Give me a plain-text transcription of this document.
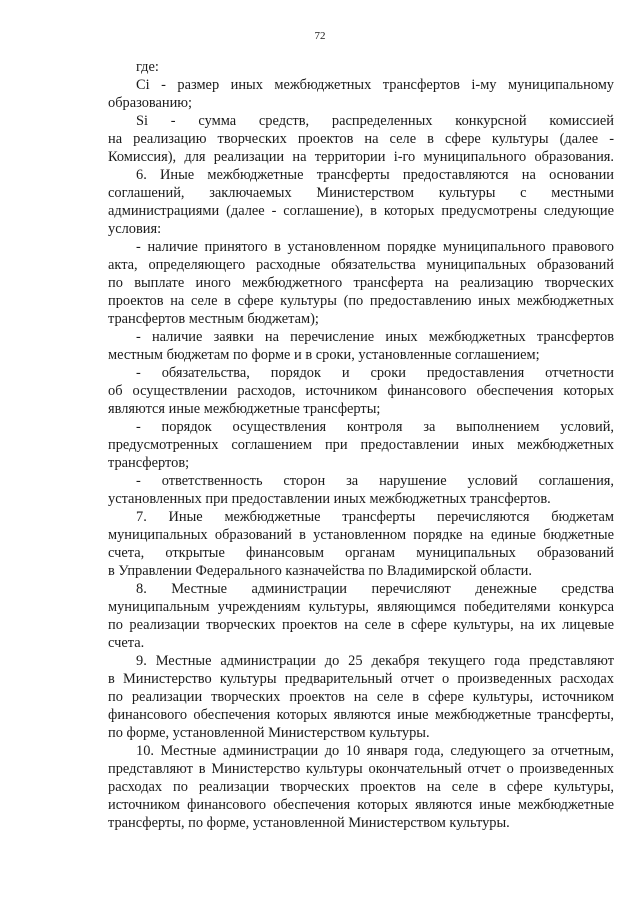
72
где:
Ci - размер иных межбюджетных трансфертов i-му муниципальному
образованию;
Si - сумма средств, распределенных конкурсной комиссией
на реализацию творческих проектов на селе в сфере культуры (далее -
Комиссия), для реализации на территории i-го муниципального образования.
6. Иные межбюджетные трансферты предоставляются на основании
соглашений, заключаемых Министерством культуры с местными
администрациями (далее - соглашение), в которых предусмотрены следующие
условия:
- наличие принятого в установленном порядке муниципального правового
акта, определяющего расходные обязательства муниципальных образований
по выплате иного межбюджетного трансферта на реализацию творческих
проектов на селе в сфере культуры (по предоставлению иных межбюджетных
трансфертов местным бюджетам);
- наличие заявки на перечисление иных межбюджетных трансфертов
местным бюджетам по форме и в сроки, установленные соглашением;
- обязательства, порядок и сроки предоставления отчетности
об осуществлении расходов, источником финансового обеспечения которых
являются иные межбюджетные трансферты;
- порядок осуществления контроля за выполнением условий,
предусмотренных соглашением при предоставлении иных межбюджетных
трансфертов;
- ответственность сторон за нарушение условий соглашения,
установленных при предоставлении иных межбюджетных трансфертов.
7. Иные межбюджетные трансферты перечисляются бюджетам
муниципальных образований в установленном порядке на единые бюджетные
счета, открытые финансовым органам муниципальных образований
в Управлении Федерального казначейства по Владимирской области.
8. Местные администрации перечисляют денежные средства
муниципальным учреждениям культуры, являющимся победителями конкурса
по реализации творческих проектов на селе в сфере культуры, на их лицевые
счета.
9. Местные администрации до 25 декабря текущего года представляют
в Министерство культуры предварительный отчет о произведенных расходах
по реализации творческих проектов на селе в сфере культуры, источником
финансового обеспечения которых являются иные межбюджетные трансферты,
по форме, установленной Министерством культуры.
10. Местные администрации до 10 января года, следующего за отчетным,
представляют в Министерство культуры окончательный отчет о произведенных
расходах по реализации творческих проектов на селе в сфере культуры,
источником финансового обеспечения которых являются иные межбюджетные
трансферты, по форме, установленной Министерством культуры.
